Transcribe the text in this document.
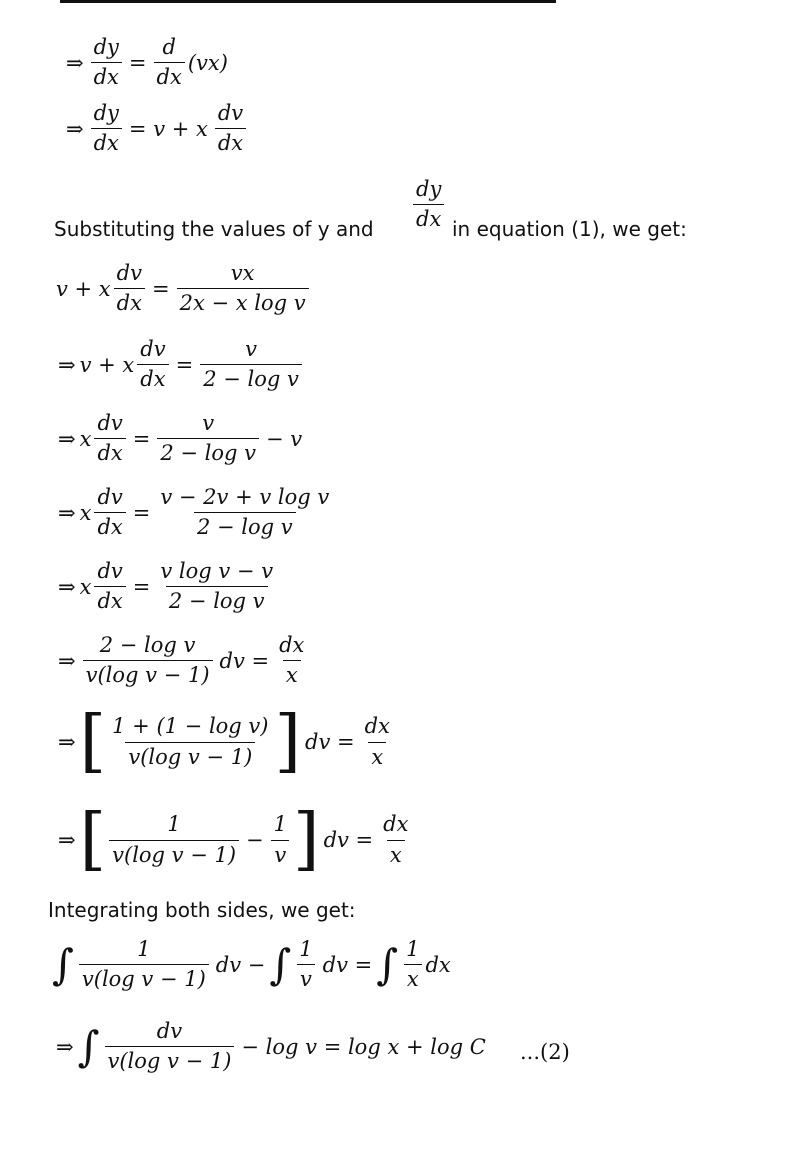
⇒ $\frac{dy}{dx} = \frac{d}{dx} (vx)$
⇒ $\frac{dy}{dx} = v + x \frac{dv}{dx}$
Substituting the values of y and $\frac{dy}{dx}$ in equation (1), we get:
v + x $\frac{dv}{dx} = \frac{vx}{\text{2x − x log v}}$
⇒ v + x $\frac{dv}{dx} = \frac{v}{\text{2 − log v}}$
⇒ x $\frac{dv}{dx} = \frac{v}{\text{2 − log v}} - v$
⇒ x $\frac{dv}{dx} = \frac{\text{v − 2v + v log v}}{\text{2 − log v}}$
⇒ x $\frac{dv}{dx} = \frac{\text{v log v − v}}{\text{2 − log v}}$
⇒ $\frac{\text{2 − log v}}{\text{v(log v − 1)}}$ dv = $\frac{dx}{x}$
⇒ [ $\frac{\text{1 + (1 − log v)}}{\text{v(log v − 1)}}$ ] dv = $\frac{dx}{x}$
⇒ [ $\frac{1}{\text{v(log v − 1)}} - \frac{1}{v}$ ] dv = $\frac{dx}{x}$
Integrating both sides, we get:
∫ $\frac{1}{\text{v(log v − 1)}}$ dv − ∫ $\frac{1}{v}$ dv = ∫ $\frac{1}{x}$ dx
⇒ ∫ $\frac{dv}{\text{v(log v − 1)}} - \log v = \log x + \log C$ ...(2)
